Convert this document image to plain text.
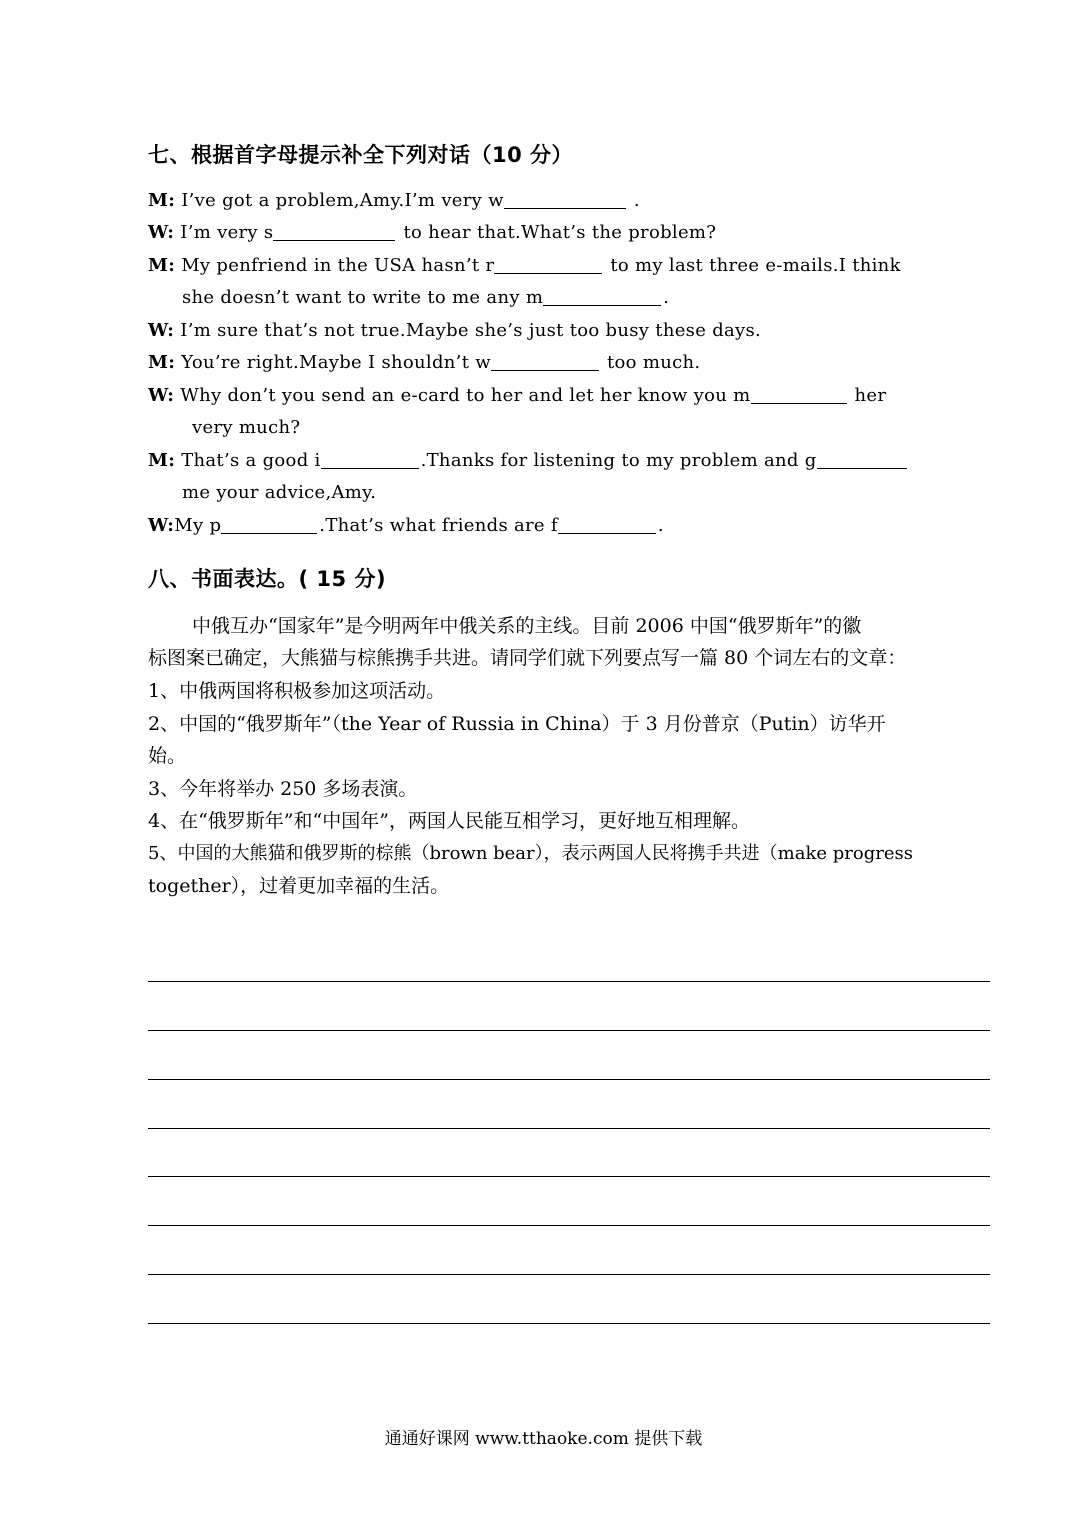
七、根据首字母提示补全下列对话（10 分）
M: I’ve got a problem,Amy.I’m very w	.
W: I’m very s	to hear that.What’s the problem?
M: My penfriend in the USA hasn’t r	to my last three e-mails.I think
she doesn’t want to write to me any m	.
W: I’m sure that’s not true.Maybe she’s just too busy these days.
M: You’re right.Maybe I shouldn’t w	too much.
W: Why don’t you send an e-card to her and let her know you m	her
very much?
M: That’s a good i	.Thanks for listening to my problem and g
me your advice,Amy.
W:My p	.That’s what friends are f	.
八、书面表达。( 15 分)
中俄互办“国家年”是今明两年中俄关系的主线。目前 2006 中国“俄罗斯年”的徽
标图案已确定，大熊猫与棕熊携手共进。请同学们就下列要点写一篇 80 个词左右的文章：
1、中俄两国将积极参加这项活动。
2、中国的“俄罗斯年”（the Year of Russia in China）于 3 月份普京（Putin）访华开
始。
3、今年将举办 250 多场表演。
4、在“俄罗斯年”和“中国年”，两国人民能互相学习，更好地互相理解。
5、中国的大熊猫和俄罗斯的棕熊（brown bear），表示两国人民将携手共进（make progress
together），过着更加幸福的生活。
通通好课网 www.tthaoke.com 提供下载
